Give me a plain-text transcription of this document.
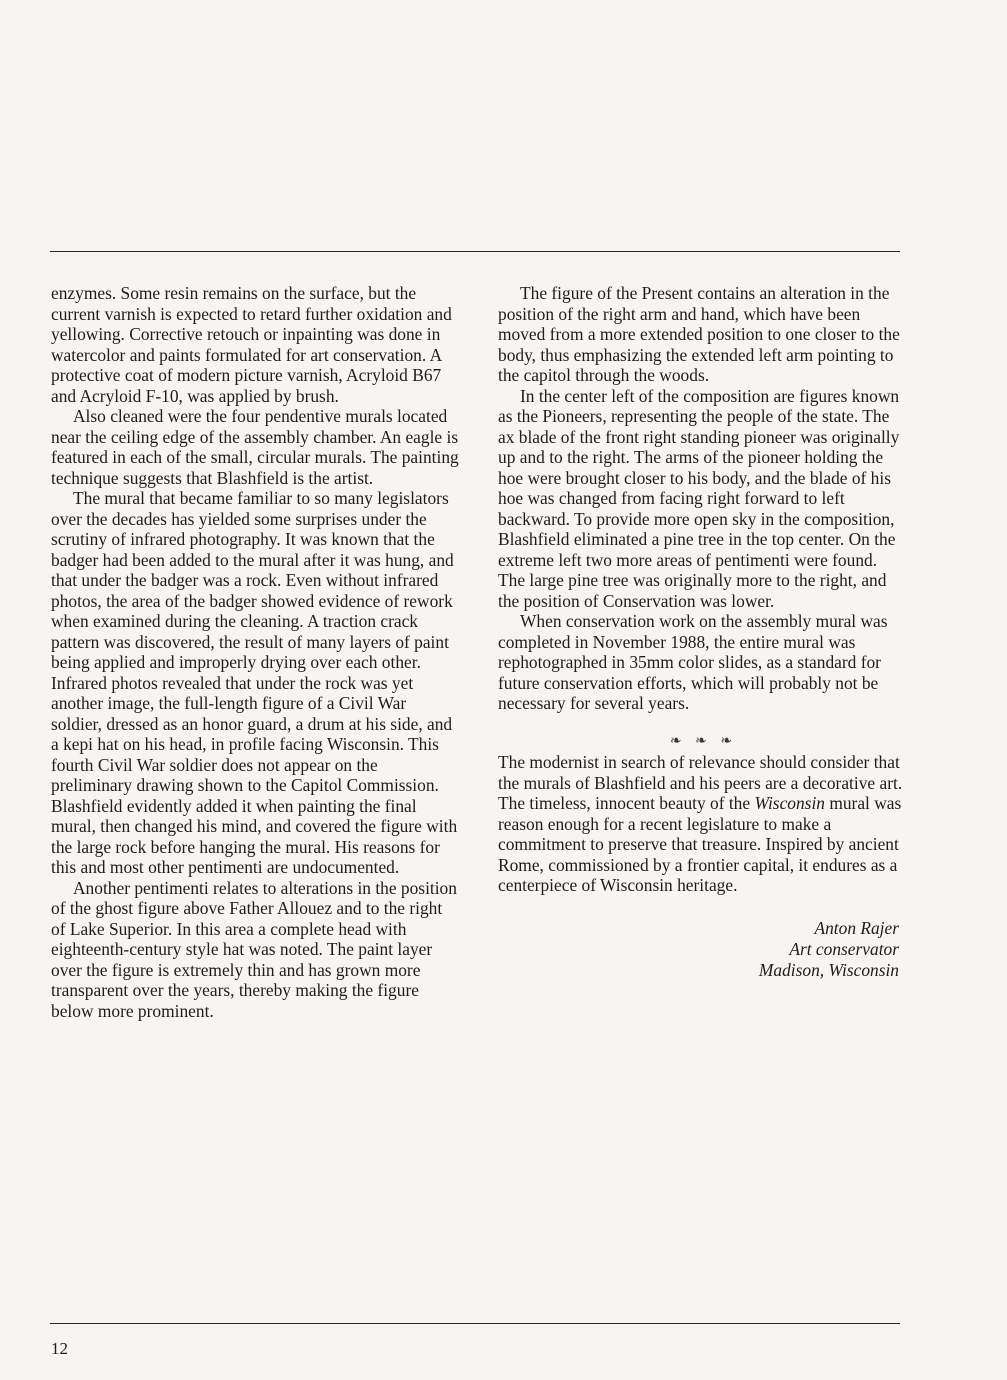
enzymes. Some resin remains on the surface, but the current varnish is expected to retard further oxidation and yellowing. Corrective retouch or inpainting was done in watercolor and paints formulated for art conservation. A protective coat of modern picture varnish, Acryloid B67 and Acryloid F-10, was applied by brush.

Also cleaned were the four pendentive murals located near the ceiling edge of the assembly chamber. An eagle is featured in each of the small, circular murals. The painting technique suggests that Blashfield is the artist.

The mural that became familiar to so many legislators over the decades has yielded some surprises under the scrutiny of infrared photography. It was known that the badger had been added to the mural after it was hung, and that under the badger was a rock. Even without infrared photos, the area of the badger showed evidence of rework when examined during the cleaning. A traction crack pattern was discovered, the result of many layers of paint being applied and improperly drying over each other. Infrared photos revealed that under the rock was yet another image, the full-length figure of a Civil War soldier, dressed as an honor guard, a drum at his side, and a kepi hat on his head, in profile facing Wisconsin. This fourth Civil War soldier does not appear on the preliminary drawing shown to the Capitol Commission. Blashfield evidently added it when painting the final mural, then changed his mind, and covered the figure with the large rock before hanging the mural. His reasons for this and most other pentimenti are undocumented.

Another pentimenti relates to alterations in the position of the ghost figure above Father Allouez and to the right of Lake Superior. In this area a complete head with eighteenth-century style hat was noted. The paint layer over the figure is extremely thin and has grown more transparent over the years, thereby making the figure below more prominent.

The figure of the Present contains an alteration in the position of the right arm and hand, which have been moved from a more extended position to one closer to the body, thus emphasizing the extended left arm pointing to the capitol through the woods.

In the center left of the composition are figures known as the Pioneers, representing the people of the state. The ax blade of the front right standing pioneer was originally up and to the right. The arms of the pioneer holding the hoe were brought closer to his body, and the blade of his hoe was changed from facing right forward to left backward. To provide more open sky in the composition, Blashfield eliminated a pine tree in the top center. On the extreme left two more areas of pentimenti were found. The large pine tree was originally more to the right, and the position of Conservation was lower.

When conservation work on the assembly mural was completed in November 1988, the entire mural was rephotographed in 35mm color slides, as a standard for future conservation efforts, which will probably not be necessary for several years.

❧ ❧ ❧

The modernist in search of relevance should consider that the murals of Blashfield and his peers are a decorative art. The timeless, innocent beauty of the Wisconsin mural was reason enough for a recent legislature to make a commitment to preserve that treasure. Inspired by ancient Rome, commissioned by a frontier capital, it endures as a centerpiece of Wisconsin heritage.

Anton Rajer
Art conservator
Madison, Wisconsin
12
